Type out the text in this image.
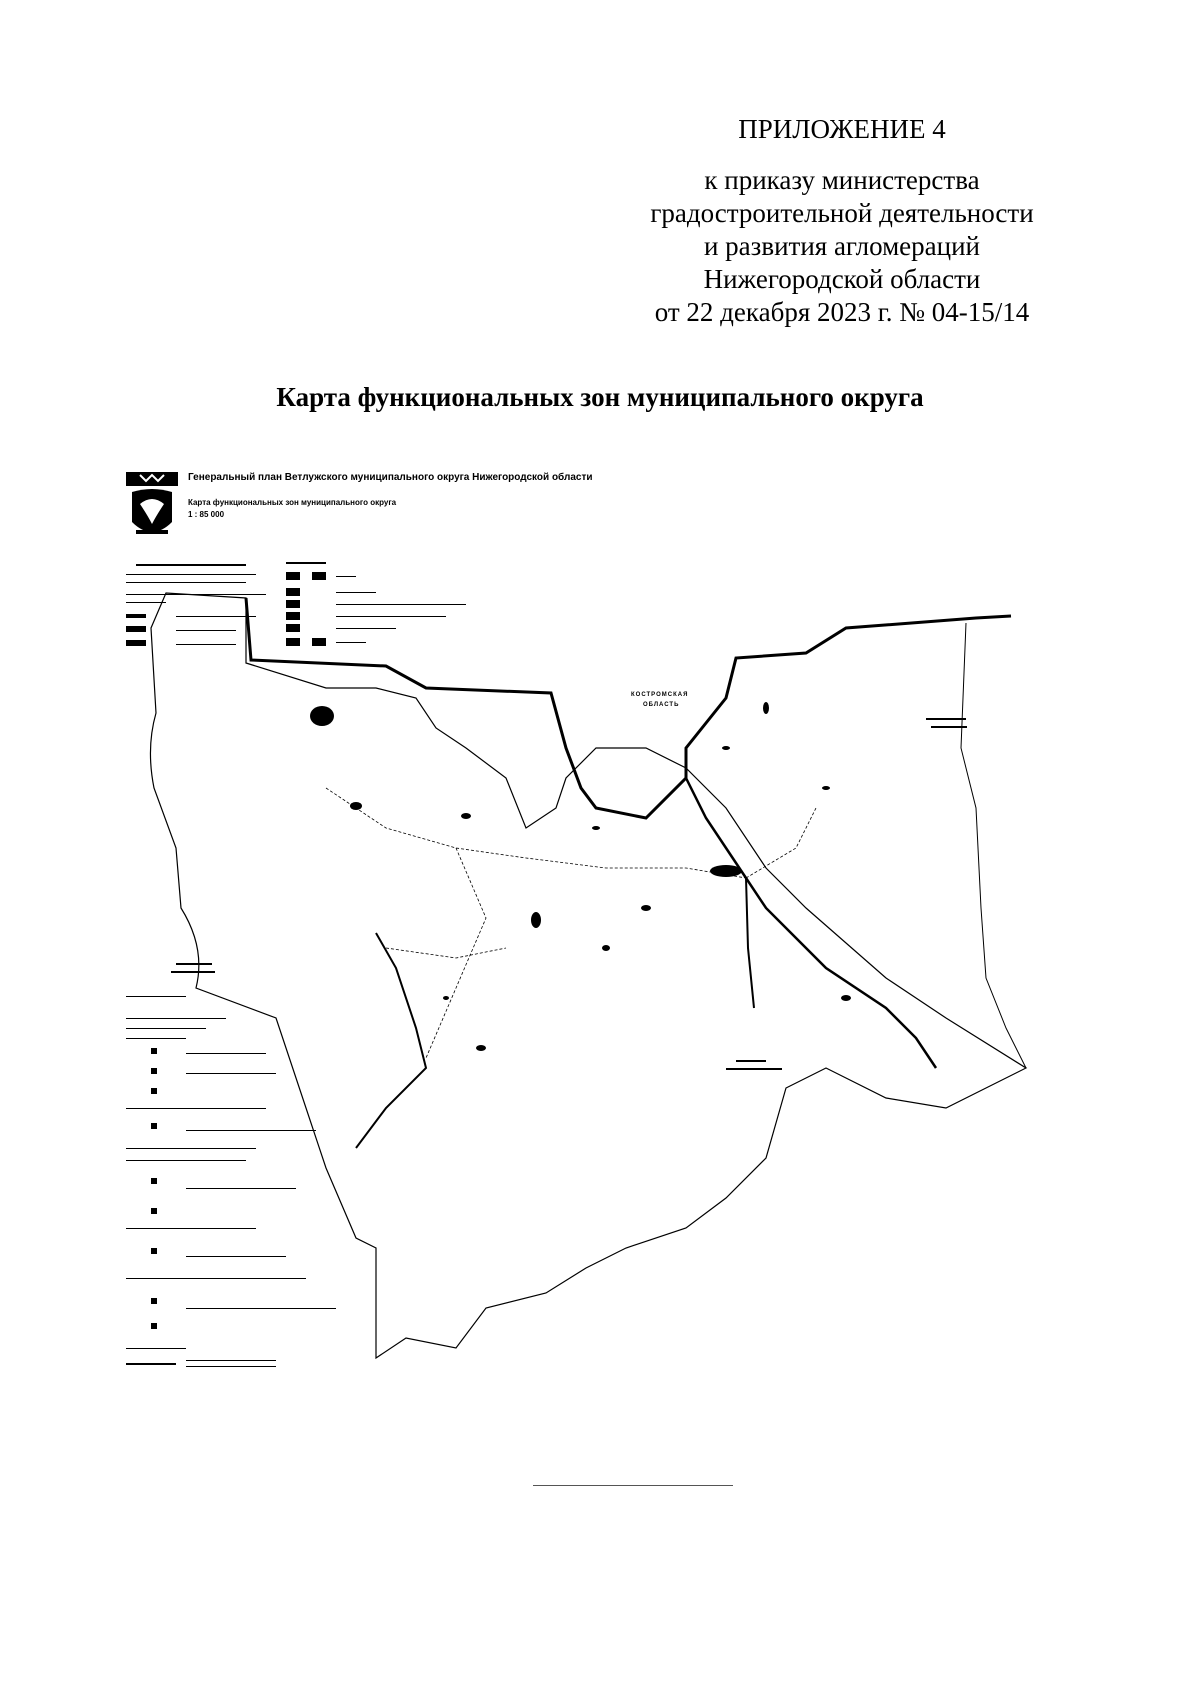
ПРИЛОЖЕНИЕ 4
к приказу министерства
градостроительной деятельности
и развития агломераций
Нижегородской области
от 22 декабря 2023 г. № 04-15/14
Карта функциональных зон муниципального округа
Генеральный план Ветлужского муниципального округа Нижегородской области
Карта функциональных зон муниципального округа
1 : 85 000
КОСТРОМСКАЯ
ОБЛАСТЬ
